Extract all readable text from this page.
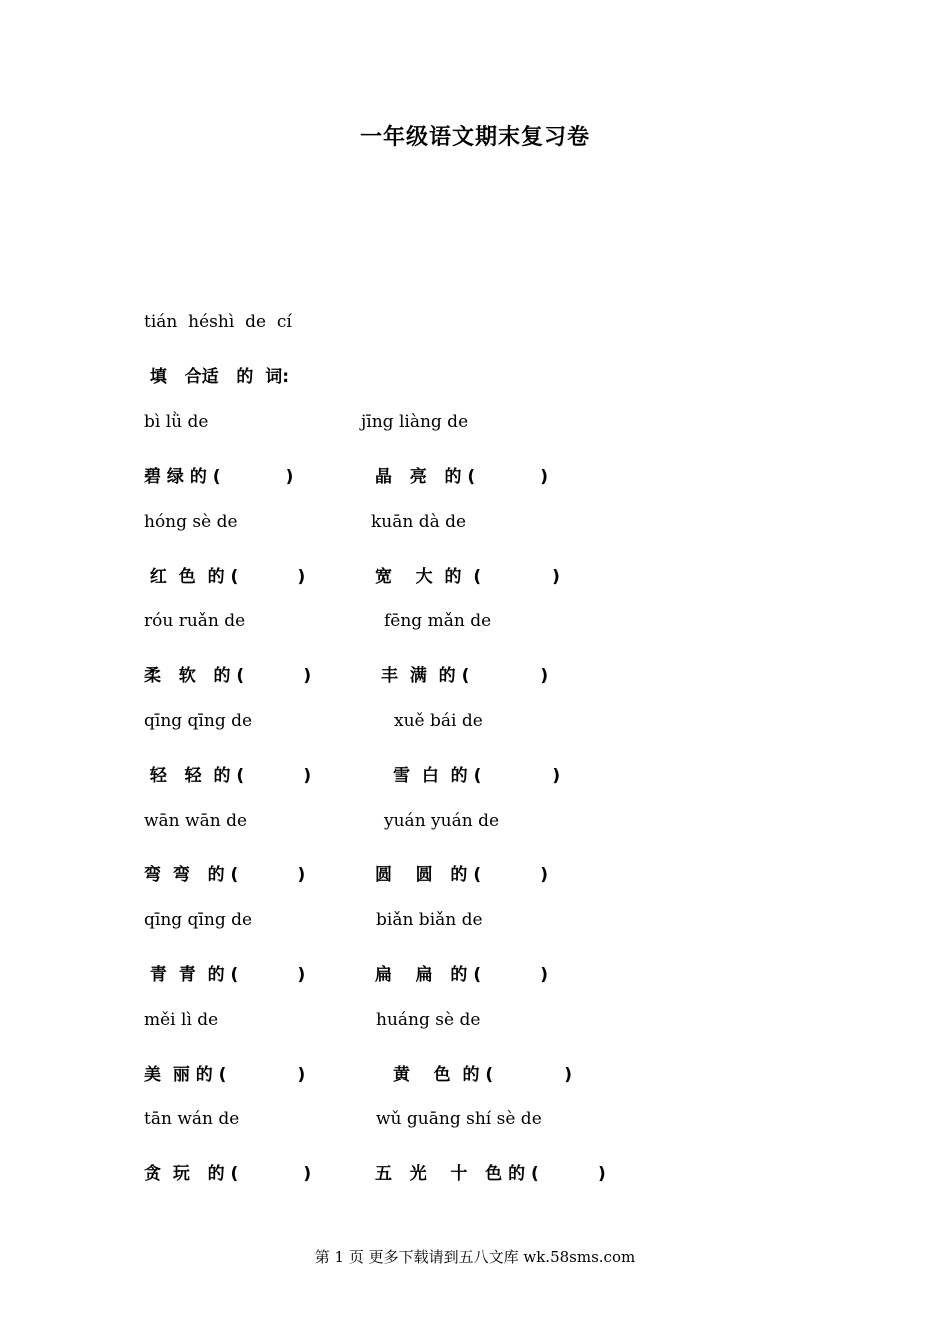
一年级语文期末复习卷
tián  héshì  de  cí
填   合适   的  词:
bì lǜ de	jīng liàng de
碧 绿 的 (           )	晶   亮   的 (           )
hóng sè de	kuān dà de
红  色  的 (          )	宽    大  的  (            )
róu ruǎn de	fēng mǎn de
柔   软   的 (          )	丰  满  的 (            )
qīng qīng de	xuě bái de
轻   轻  的 (          )	雪  白  的 (            )
wān wān de	yuán yuán de
弯  弯   的 (          )	圆    圆   的 (          )
qīng qīng de	biǎn biǎn de
青  青  的 (          )	扁    扁   的 (          )
měi lì de	huáng sè de
美  丽 的 (            )	黄    色  的 (            )
tān wán de	wǔ guāng shí sè de
贪  玩   的 (           )	五   光    十   色 的 (          )
第 1 页 更多下载请到五八文库 wk.58sms.com
